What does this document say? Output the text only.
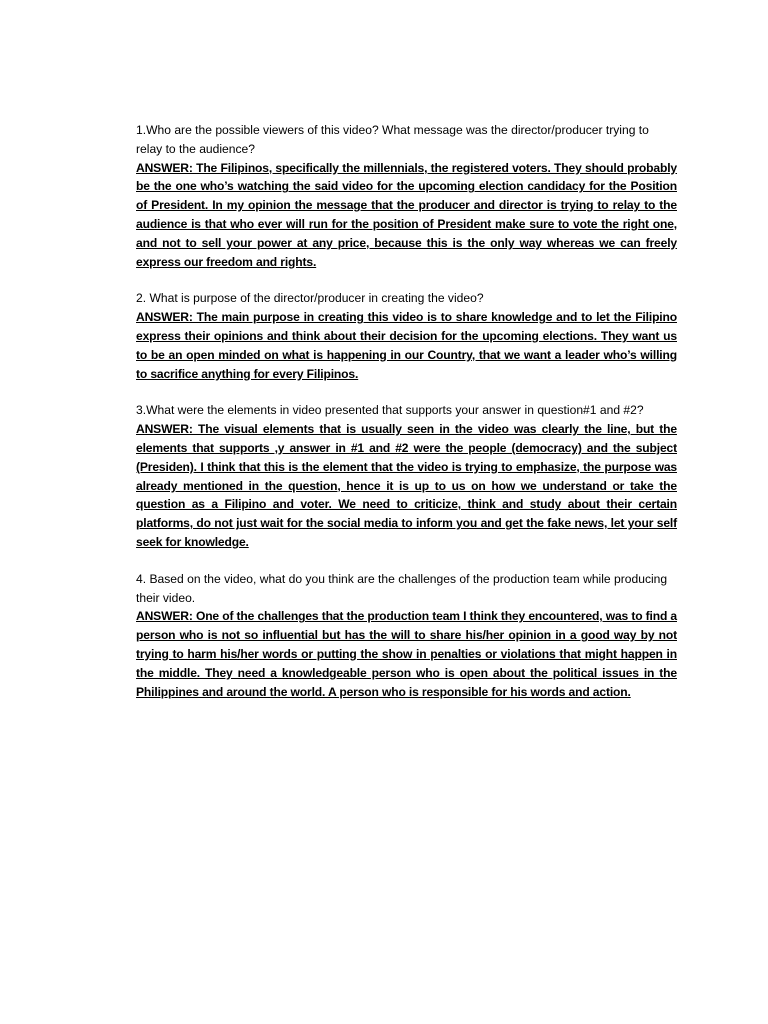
1.Who are the possible viewers of this video? What message was the director/producer trying to relay to the audience?

ANSWER: The Filipinos, specifically the millennials, the registered voters. They should probably be the one who’s watching the said video for the upcoming election candidacy for the Position of President. In my opinion the message that the producer and director is trying to relay to the audience is that who ever will run for the position of President make sure to vote the right one, and not to sell your power at any price, because this is the only way whereas we can freely express our freedom and rights.

2. What is purpose of the director/producer in creating the video?

ANSWER: The main purpose in creating this video is to share knowledge and to let the Filipino express their opinions and think about their decision for the upcoming elections. They want us to be an open minded on what is happening in our Country, that we want a leader who’s willing to sacrifice anything for every Filipinos.

3.What were the elements in video presented that supports your answer in question#1 and #2?

ANSWER: The visual elements that is usually seen in the video was clearly the line, but the elements that supports ,y answer in #1 and #2 were the people (democracy) and the subject (Presiden). I think that this is the element that the video is trying to emphasize, the purpose was already mentioned in the question, hence it is up to us on how we understand or take the question as a Filipino and voter. We need to criticize, think and study about their certain platforms, do not just wait for the social media to inform you and get the fake news, let your self seek for knowledge.

4. Based on the video, what do you think are the challenges of the production team while producing their video.

ANSWER: One of the challenges that the production team I think they encountered, was to find a person who is not so influential but has the will to share his/her opinion in a good way by not trying to harm his/her words or putting the show in penalties or violations that might happen in the middle. They need a knowledgeable person who is open about the political issues in the Philippines and around the world. A person who is responsible for his words and action.
